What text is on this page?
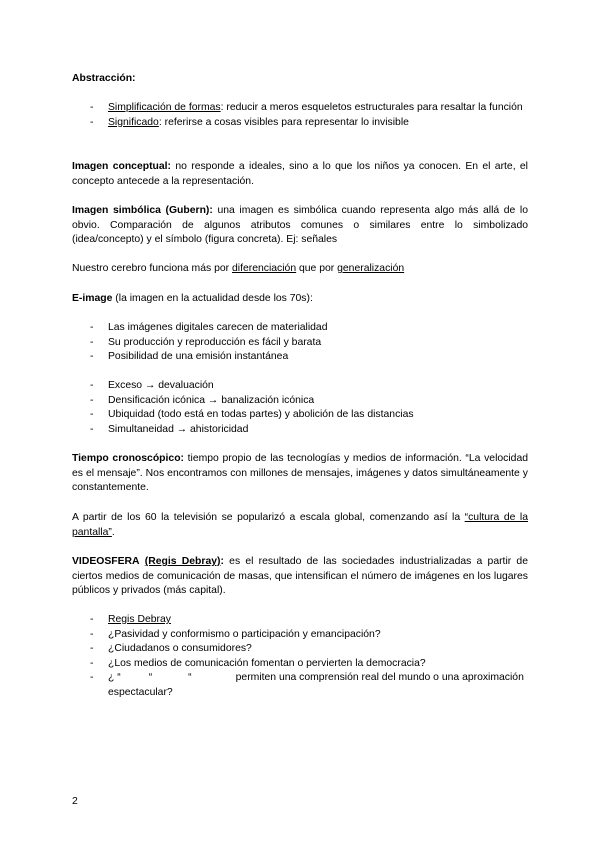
Abstracción:

- Simplificación de formas: reducir a meros esqueletos estructurales para resaltar la función
- Significado: referirse a cosas visibles para representar lo invisible

Imagen conceptual: no responde a ideales, sino a lo que los niños ya conocen. En el arte, el concepto antecede a la representación.

Imagen simbólica (Gubern): una imagen es simbólica cuando representa algo más allá de lo obvio. Comparación de algunos atributos comunes o similares entre lo simbolizado (idea/concepto) y el símbolo (figura concreta). Ej: señales

Nuestro cerebro funciona más por diferenciación que por generalización

E-image (la imagen en la actualidad desde los 70s):

- Las imágenes digitales carecen de materialidad
- Su producción y reproducción es fácil y barata
- Posibilidad de una emisión instantánea
- Exceso → devaluación
- Densificación icónica → banalización icónica
- Ubiquidad (todo está en todas partes) y abolición de las distancias
- Simultaneidad → ahistoricidad

Tiempo cronoscópico: tiempo propio de las tecnologías y medios de información. “La velocidad es el mensaje”. Nos encontramos con millones de mensajes, imágenes y datos simultáneamente y constantemente.

A partir de los 60 la televisión se popularizó a escala global, comenzando así la “cultura de la pantalla”.

VIDEOSFERA (Regis Debray): es el resultado de las sociedades industrializadas a partir de ciertos medios de comunicación de masas, que intensifican el número de imágenes en los lugares públicos y privados (más capital).

- Regis Debray
- ¿Pasividad y conformismo o participación y emancipación?
- ¿Ciudadanos o consumidores?
- ¿Los medios de comunicación fomentan o pervierten la democracia?
- ¿ “	“	“	permiten una comprensión real del mundo o una aproximación espectacular?
2
